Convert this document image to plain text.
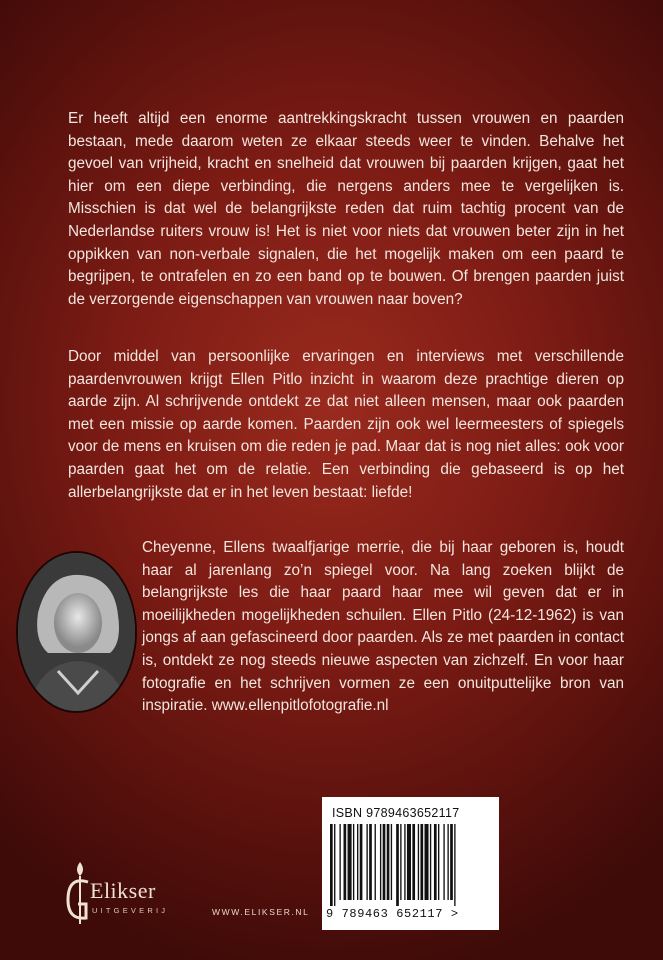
Er heeft altijd een enorme aantrekkingskracht tussen vrouwen en paarden bestaan, mede daarom weten ze elkaar steeds weer te vinden. Behalve het gevoel van vrijheid, kracht en snelheid dat vrouwen bij paarden krijgen, gaat het hier om een diepe verbinding, die nergens anders mee te vergelijken is. Misschien is dat wel de belangrijkste reden dat ruim tachtig procent van de Nederlandse ruiters vrouw is! Het is niet voor niets dat vrouwen beter zijn in het oppikken van non-verbale signalen, die het mogelijk maken om een paard te begrijpen, te ontrafelen en zo een band op te bouwen. Of brengen paarden juist de verzorgende eigenschappen van vrouwen naar boven?

Door middel van persoonlijke ervaringen en interviews met verschillende paardenvrouwen krijgt Ellen Pitlo inzicht in waarom deze prachtige dieren op aarde zijn. Al schrijvende ontdekt ze dat niet alleen mensen, maar ook paarden met een missie op aarde komen. Paarden zijn ook wel leermeesters of spiegels voor de mens en kruisen om die reden je pad. Maar dat is nog niet alles: ook voor paarden gaat het om de relatie. Een verbinding die gebaseerd is op het allerbelangrijkste dat er in het leven bestaat: liefde!

Cheyenne, Ellens twaalfjarige merrie, die bij haar geboren is, houdt haar al jarenlang zo’n spiegel voor. Na lang zoeken blijkt de belangrijkste les die haar paard haar mee wil geven dat er in moeilijkheden mogelijkheden schuilen. Ellen Pitlo (24-12-1962) is van jongs af aan gefascineerd door paarden. Als ze met paarden in contact is, ontdekt ze nog steeds nieuwe aspecten van zichzelf. En voor haar fotografie en het schrijven vormen ze een onuitputtelijke bron van inspiratie. www.ellenpitlofotografie.nl

ISBN 9789463652117
9 789463 652117 >
Elikser
UITGEVERIJ	WWW.ELIKSER.NL
